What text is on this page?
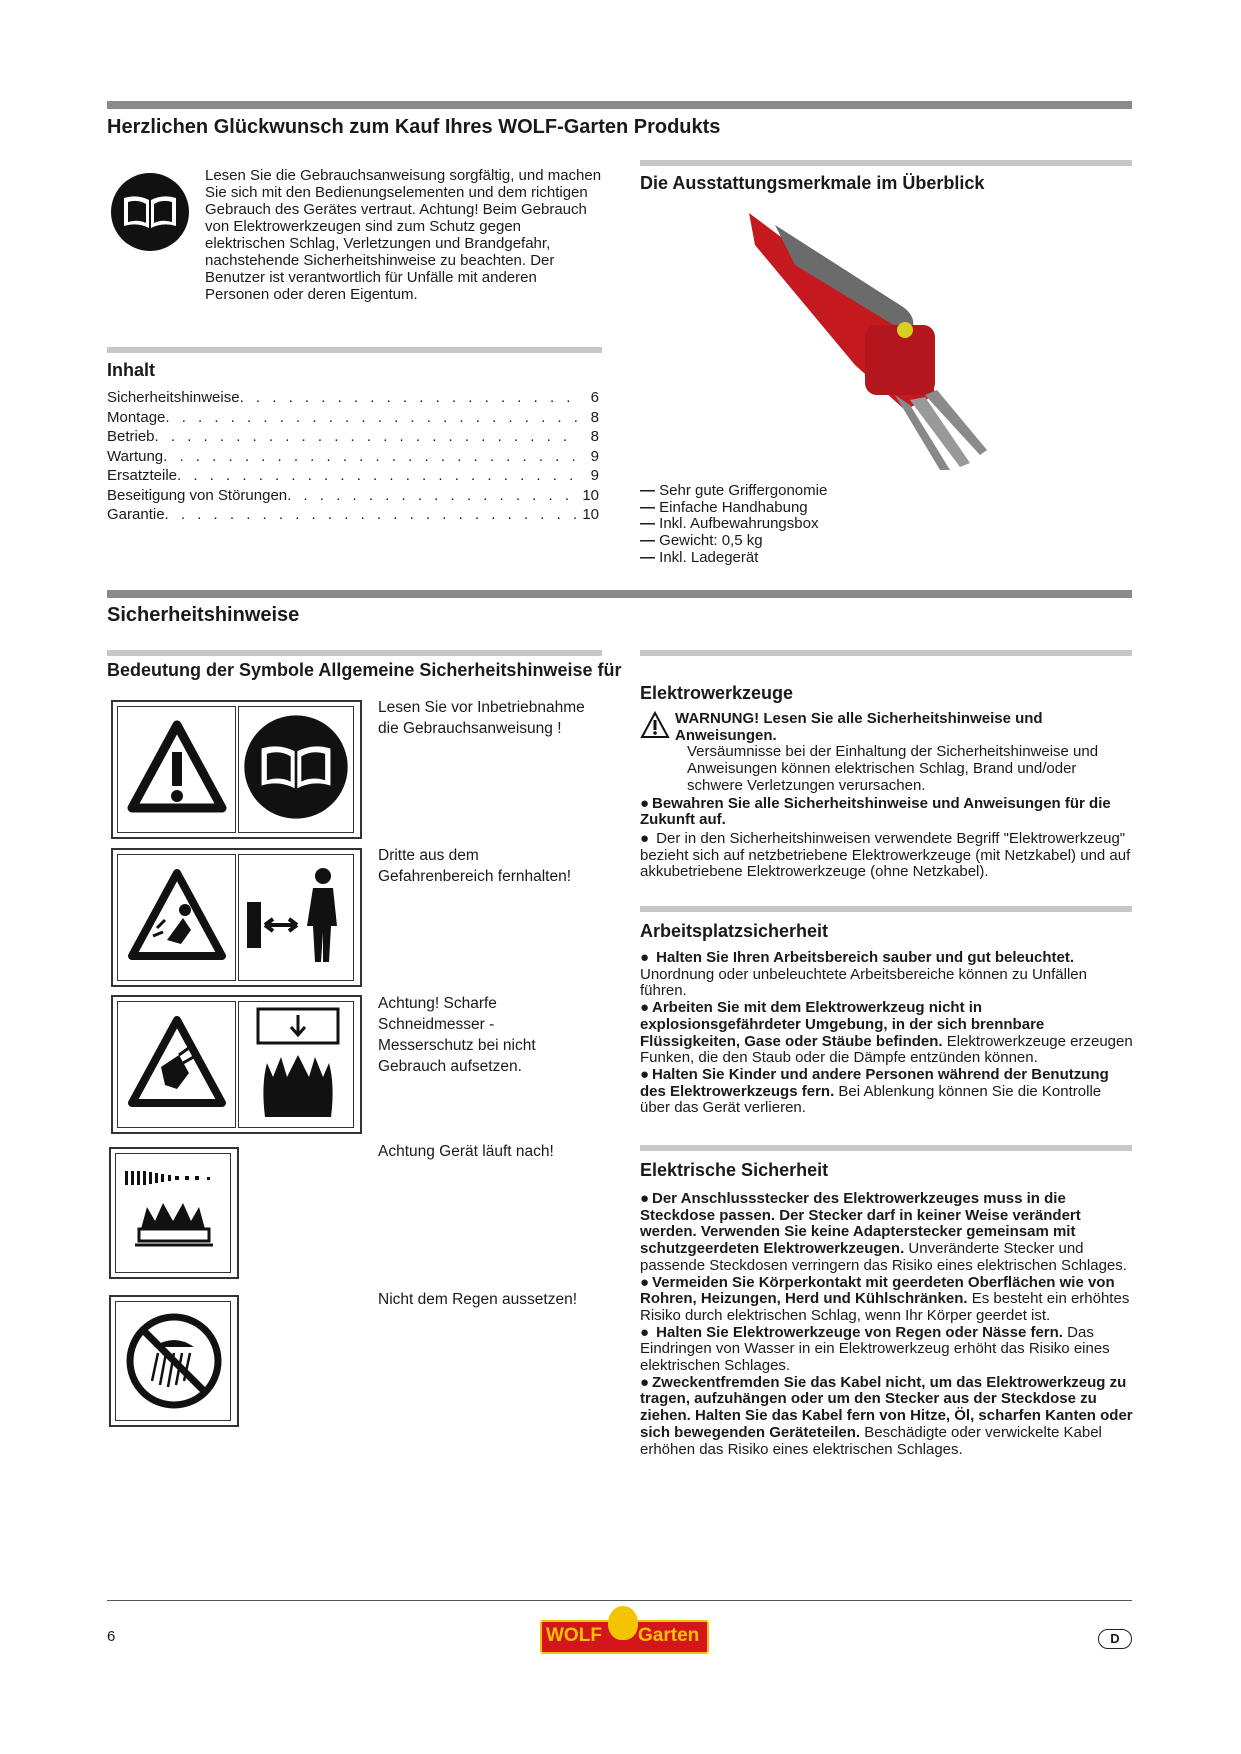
Herzlichen Glückwunsch zum Kauf Ihres WOLF-Garten Produkts
Lesen Sie die Gebrauchsanweisung sorgfältig, und machen Sie sich mit den Bedienungselementen und dem richtigen Gebrauch des Gerätes vertraut. Achtung! Beim Gebrauch von Elektrowerkzeugen sind zum Schutz gegen elektrischen Schlag, Verletzungen und Brandgefahr, nachstehende Sicherheitshinweise zu beachten. Der Benutzer ist verantwortlich für Unfälle mit anderen Personen oder deren Eigentum.
Inhalt
Sicherheitshinweise . . .	6
Montage . . .	8
Betrieb . . .	8
Wartung . . .	9
Ersatzteile . . .	9
Beseitigung von Störungen . . .	10
Garantie . . .	10
Die Ausstattungsmerkmale im Überblick
— Sehr gute Griffergonomie
— Einfache Handhabung
— Inkl. Aufbewahrungsbox
— Gewicht: 0,5 kg
— Inkl. Ladegerät
Sicherheitshinweise
Bedeutung der Symbole Allgemeine Sicherheitshinweise für
Elektrowerkzeuge
Lesen Sie vor Inbetriebnahme die Gebrauchsanweisung !
Dritte aus dem Gefahrenbereich fernhalten!
Achtung! Scharfe Schneidmesser - Messerschutz bei nicht Gebrauch aufsetzen.
Achtung Gerät läuft nach!
Nicht dem Regen aussetzen!

WARNUNG! Lesen Sie alle Sicherheitshinweise und Anweisungen.

Versäumnisse bei der Einhaltung der Sicherheitshinweise und Anweisungen können elektrischen Schlag, Brand und/oder schwere Verletzungen verursachen.

● Bewahren Sie alle Sicherheitshinweise und Anweisungen für die Zukunft auf.

● Der in den Sicherheitshinweisen verwendete Begriff "Elektrowerkzeug" bezieht sich auf netzbetriebene Elektrowerkzeuge (mit Netzkabel) und auf akkubetriebene Elektrowerkzeuge (ohne Netzkabel).

Arbeitsplatzsicherheit

● Halten Sie Ihren Arbeitsbereich sauber und gut beleuchtet. Unordnung oder unbeleuchtete Arbeitsbereiche können zu Unfällen führen.

● Arbeiten Sie mit dem Elektrowerkzeug nicht in explosionsgefährdeter Umgebung, in der sich brennbare Flüssigkeiten, Gase oder Stäube befinden. Elektrowerkzeuge erzeugen Funken, die den Staub oder die Dämpfe entzünden können.

● Halten Sie Kinder und andere Personen während der Benutzung des Elektrowerkzeugs fern. Bei Ablenkung können Sie die Kontrolle über das Gerät verlieren.

Elektrische Sicherheit

● Der Anschlussstecker des Elektrowerkzeuges muss in die Steckdose passen. Der Stecker darf in keiner Weise verändert werden. Verwenden Sie keine Adapterstecker gemeinsam mit schutzgeerdeten Elektrowerkzeugen. Unveränderte Stecker und passende Steckdosen verringern das Risiko eines elektrischen Schlages.

● Vermeiden Sie Körperkontakt mit geerdeten Oberflächen wie von Rohren, Heizungen, Herd und Kühlschränken. Es besteht ein erhöhtes Risiko durch elektrischen Schlag, wenn Ihr Körper geerdet ist.

● Halten Sie Elektrowerkzeuge von Regen oder Nässe fern. Das Eindringen von Wasser in ein Elektrowerkzeug erhöht das Risiko eines elektrischen Schlages.

● Zweckentfremden Sie das Kabel nicht, um das Elektrowerkzeug zu tragen, aufzuhängen oder um den Stecker aus der Steckdose zu ziehen. Halten Sie das Kabel fern von Hitze, Öl, scharfen Kanten oder sich bewegenden Geräteteilen. Beschädigte oder verwickelte Kabel erhöhen das Risiko eines elektrischen Schlages.

6	WOLF Garten	D
